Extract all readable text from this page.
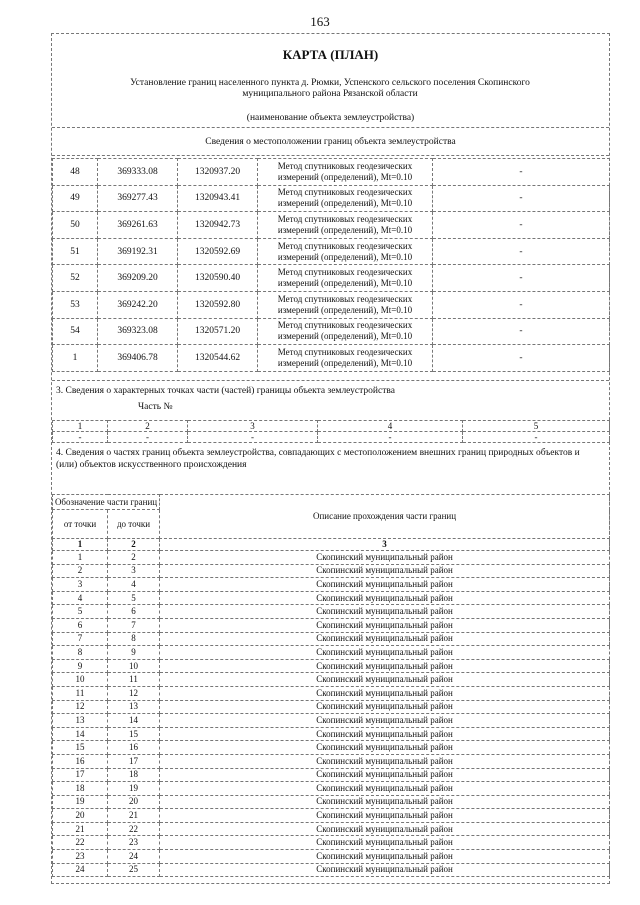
163
КАРТА (ПЛАН)
Установление границ населенного пункта д. Рюмки, Успенского сельского поселения Скопинского муниципального района Рязанской области
(наименование объекта землеустройства)
Сведения о местоположении границ объекта землеустройства
48	369333.08	1320937.20	Метод спутниковых геодезических измерений (определений), Mt=0.10	-
49	369277.43	1320943.41	Метод спутниковых геодезических измерений (определений), Mt=0.10	-
50	369261.63	1320942.73	Метод спутниковых геодезических измерений (определений), Mt=0.10	-
51	369192.31	1320592.69	Метод спутниковых геодезических измерений (определений), Mt=0.10	-
52	369209.20	1320590.40	Метод спутниковых геодезических измерений (определений), Mt=0.10	-
53	369242.20	1320592.80	Метод спутниковых геодезических измерений (определений), Mt=0.10	-
54	369323.08	1320571.20	Метод спутниковых геодезических измерений (определений), Mt=0.10	-
1	369406.78	1320544.62	Метод спутниковых геодезических измерений (определений), Mt=0.10	-
3. Сведения о характерных точках части (частей) границы объекта землеустройства
Часть №
1	2	3	4	5
-	-	-	-	-
4. Сведения о частях границ объекта землеустройства, совпадающих с местоположением внешних границ природных объектов и (или) объектов искусственного происхождения
Обозначение части границ		Описание прохождения части границ
от точки	до точки	
1	2	3
1	2	Скопинский муниципальный район
2	3	Скопинский муниципальный район
3	4	Скопинский муниципальный район
4	5	Скопинский муниципальный район
5	6	Скопинский муниципальный район
6	7	Скопинский муниципальный район
7	8	Скопинский муниципальный район
8	9	Скопинский муниципальный район
9	10	Скопинский муниципальный район
10	11	Скопинский муниципальный район
11	12	Скопинский муниципальный район
12	13	Скопинский муниципальный район
13	14	Скопинский муниципальный район
14	15	Скопинский муниципальный район
15	16	Скопинский муниципальный район
16	17	Скопинский муниципальный район
17	18	Скопинский муниципальный район
18	19	Скопинский муниципальный район
19	20	Скопинский муниципальный район
20	21	Скопинский муниципальный район
21	22	Скопинский муниципальный район
22	23	Скопинский муниципальный район
23	24	Скопинский муниципальный район
24	25	Скопинский муниципальный район
